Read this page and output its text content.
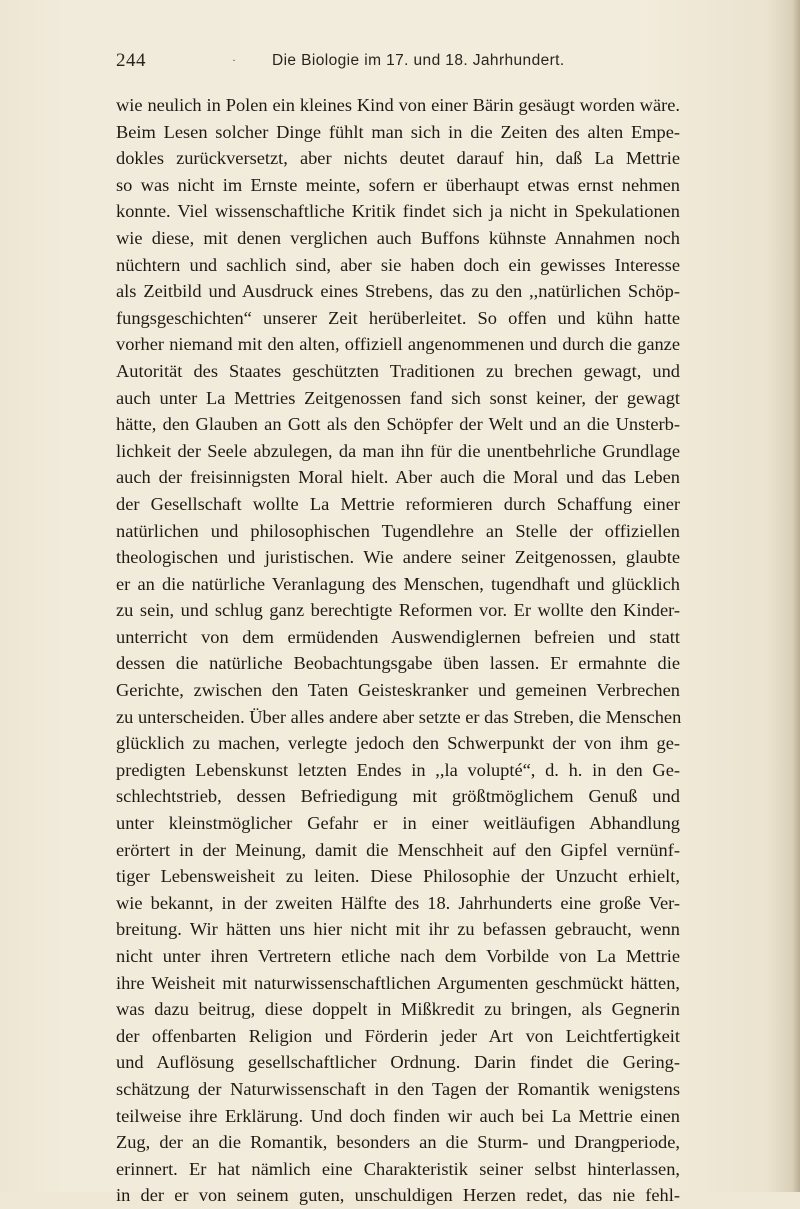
244	· Die Biologie im 17. und 18. Jahrhundert.
wie neulich in Polen ein kleines Kind von einer Bärin gesäugt worden wäre.
Beim Lesen solcher Dinge fühlt man sich in die Zeiten des alten Empe-
dokles zurückversetzt, aber nichts deutet darauf hin, daß La Mettrie
so was nicht im Ernste meinte, sofern er überhaupt etwas ernst nehmen
konnte. Viel wissenschaftliche Kritik findet sich ja nicht in Spekulationen
wie diese, mit denen verglichen auch Buffons kühnste Annahmen noch
nüchtern und sachlich sind, aber sie haben doch ein gewisses Interesse
als Zeitbild und Ausdruck eines Strebens, das zu den ,,natürlichen Schöp-
fungsgeschichten“ unserer Zeit herüberleitet. So offen und kühn hatte
vorher niemand mit den alten, offiziell angenommenen und durch die ganze
Autorität des Staates geschützten Traditionen zu brechen gewagt, und
auch unter La Mettries Zeitgenossen fand sich sonst keiner, der gewagt
hätte, den Glauben an Gott als den Schöpfer der Welt und an die Unsterb-
lichkeit der Seele abzulegen, da man ihn für die unentbehrliche Grundlage
auch der freisinnigsten Moral hielt. Aber auch die Moral und das Leben
der Gesellschaft wollte La Mettrie reformieren durch Schaffung einer
natürlichen und philosophischen Tugendlehre an Stelle der offiziellen
theologischen und juristischen. Wie andere seiner Zeitgenossen, glaubte
er an die natürliche Veranlagung des Menschen, tugendhaft und glücklich
zu sein, und schlug ganz berechtigte Reformen vor. Er wollte den Kinder-
unterricht von dem ermüdenden Auswendiglernen befreien und statt
dessen die natürliche Beobachtungsgabe üben lassen. Er ermahnte die
Gerichte, zwischen den Taten Geisteskranker und gemeinen Verbrechen
zu unterscheiden. Über alles andere aber setzte er das Streben, die Menschen
glücklich zu machen, verlegte jedoch den Schwerpunkt der von ihm ge-
predigten Lebenskunst letzten Endes in ,,la volupté“, d. h. in den Ge-
schlechtstrieb, dessen Befriedigung mit größtmöglichem Genuß und
unter kleinstmöglicher Gefahr er in einer weitläufigen Abhandlung
erörtert in der Meinung, damit die Menschheit auf den Gipfel vernünf-
tiger Lebensweisheit zu leiten. Diese Philosophie der Unzucht erhielt,
wie bekannt, in der zweiten Hälfte des 18. Jahrhunderts eine große Ver-
breitung. Wir hätten uns hier nicht mit ihr zu befassen gebraucht, wenn
nicht unter ihren Vertretern etliche nach dem Vorbilde von La Mettrie
ihre Weisheit mit naturwissenschaftlichen Argumenten geschmückt hätten,
was dazu beitrug, diese doppelt in Mißkredit zu bringen, als Gegnerin
der offenbarten Religion und Förderin jeder Art von Leichtfertigkeit
und Auflösung gesellschaftlicher Ordnung. Darin findet die Gering-
schätzung der Naturwissenschaft in den Tagen der Romantik wenigstens
teilweise ihre Erklärung. Und doch finden wir auch bei La Mettrie einen
Zug, der an die Romantik, besonders an die Sturm- und Drangperiode,
erinnert. Er hat nämlich eine Charakteristik seiner selbst hinterlassen,
in der er von seinem guten, unschuldigen Herzen redet, das nie fehl-
